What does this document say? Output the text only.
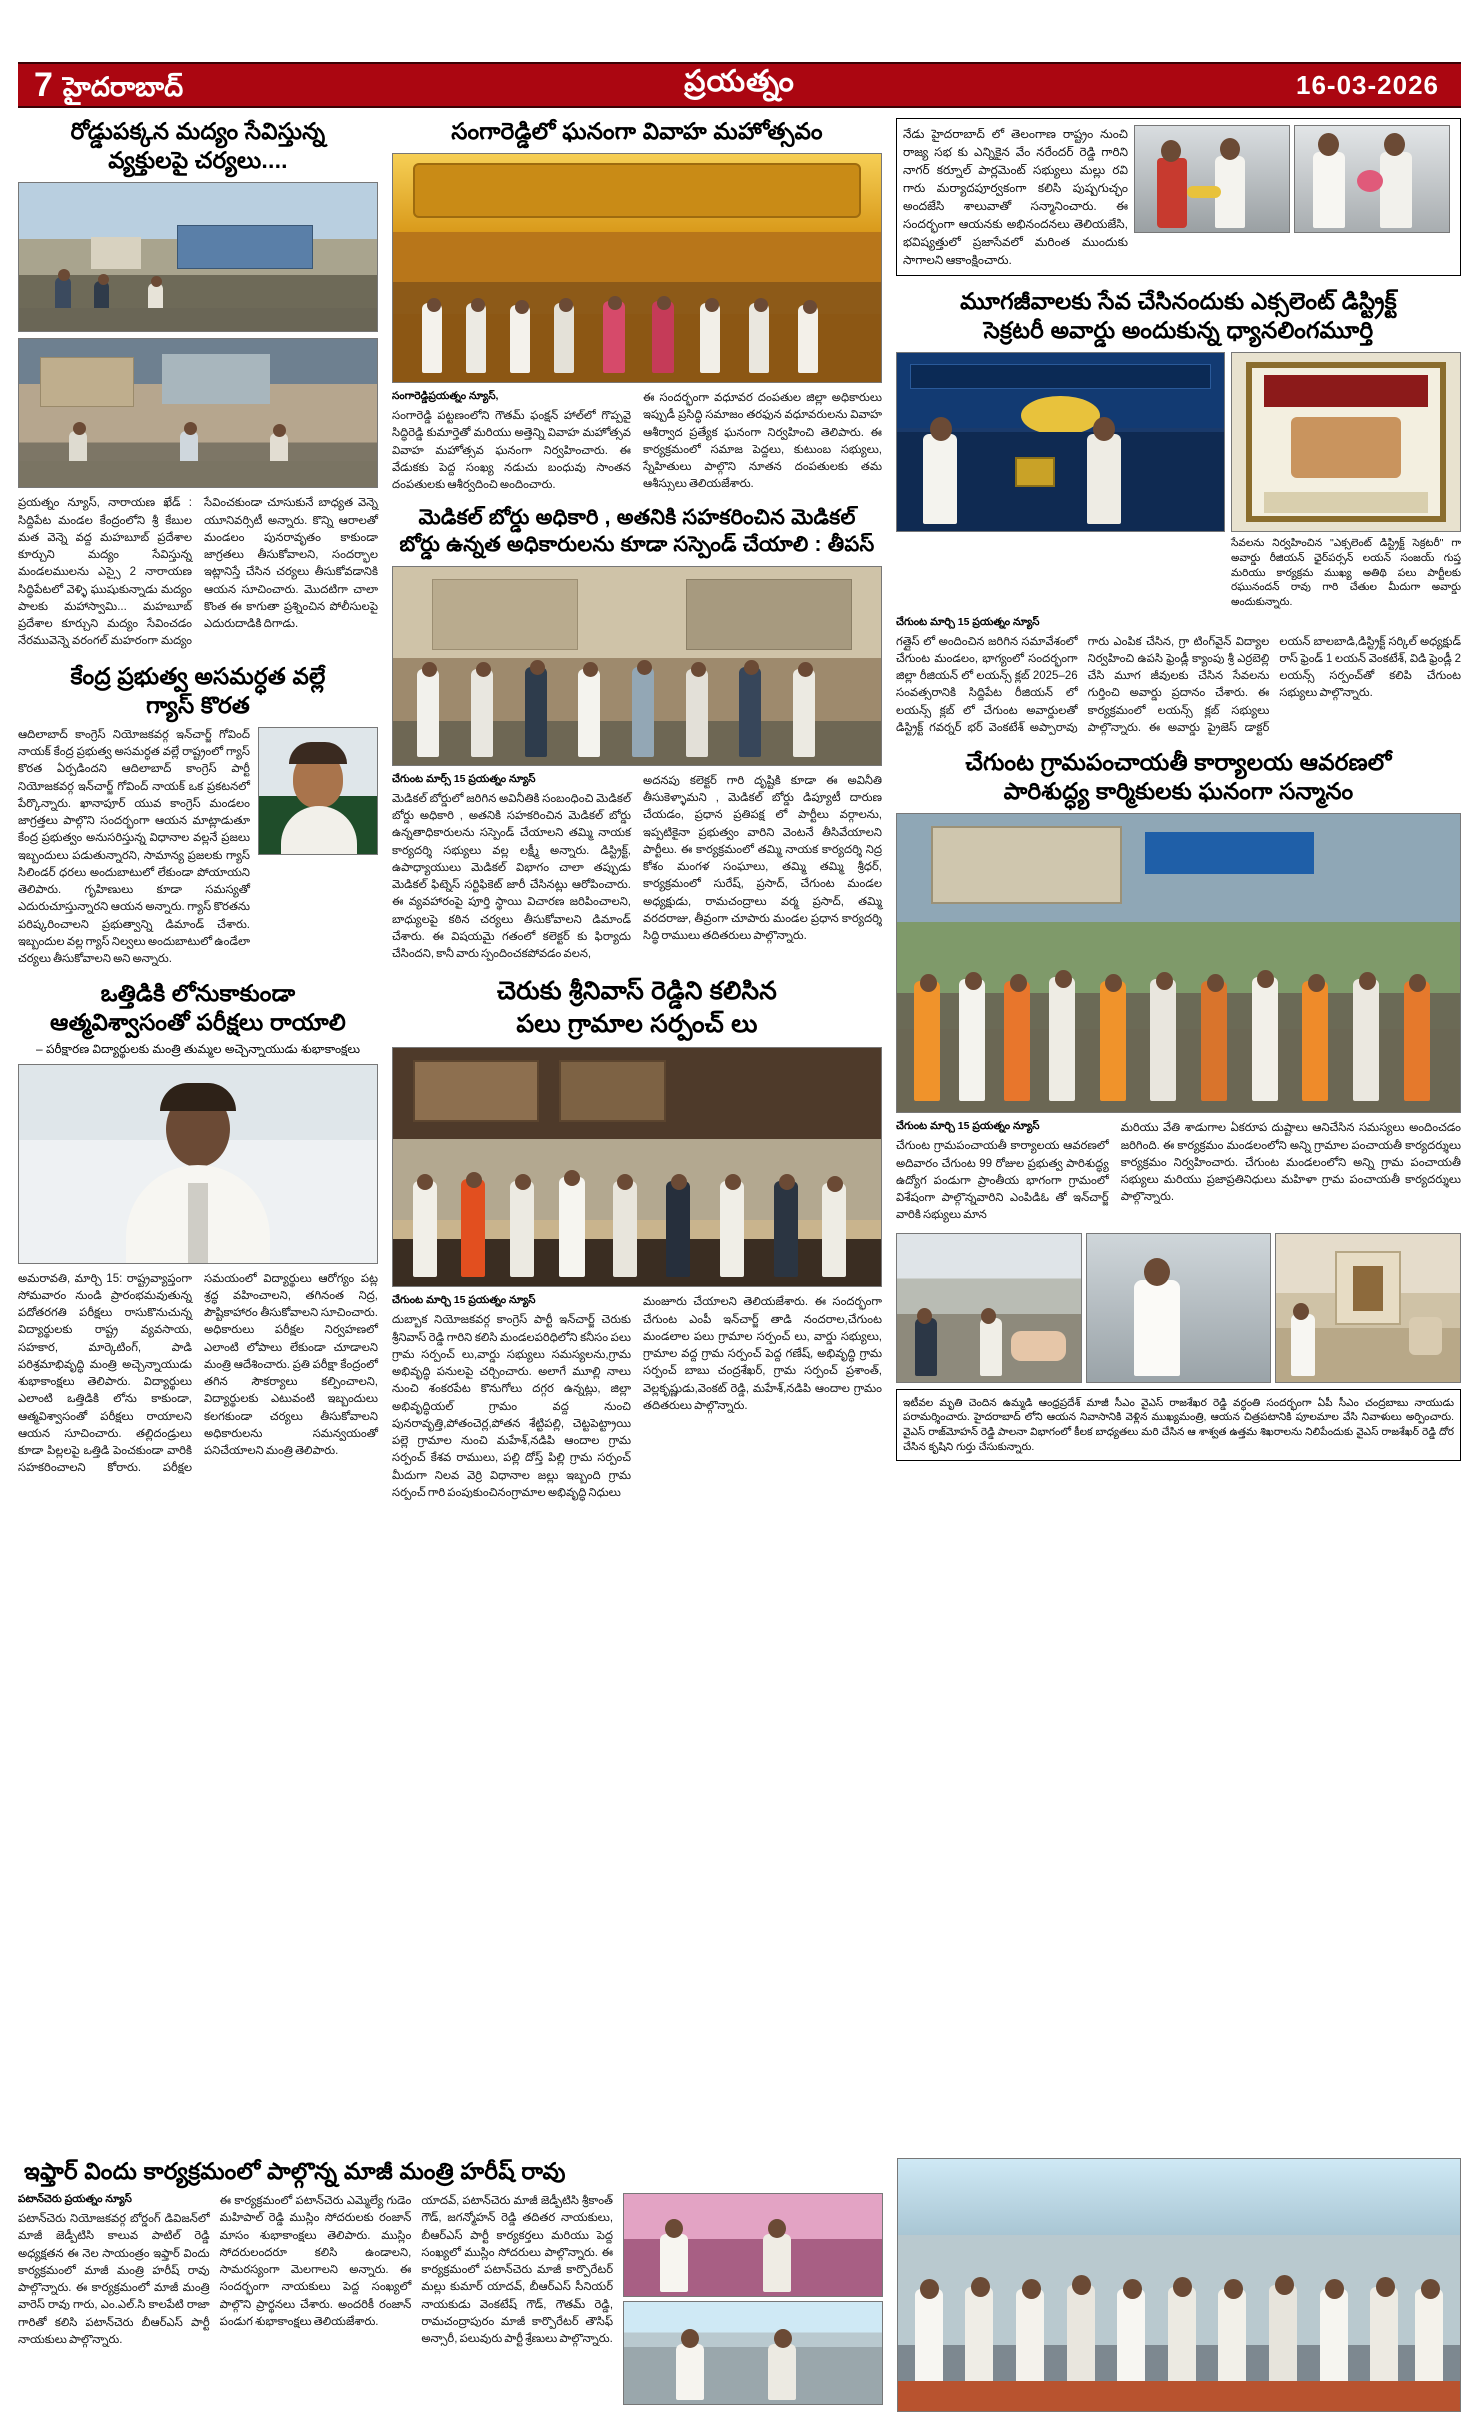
7 హైదరాబాద్	ప్రయత్నం	16-03-2026
రోడ్డుపక్కన మద్యం సేవిస్తున్న
వ్యక్తులపై చర్యలు....
ప్రయత్నం న్యూస్, నారాయణ ఖేడ్ : సిద్దిపేట మండల కేంద్రంలోని శ్రీ కేబుల మత వెన్నె వద్ద మహబూబ్ ప్రదేశాల కూర్చుని మద్యం సేవిస్తున్న మండలములను ఎస్సై 2 నారాయణ సిద్ధిపేటలో వెళ్ళి ఘుషుకున్నాడు మద్యం పాలకు మహాస్వామి... మహబూబ్ ప్రదేశాల కూర్చుని మద్యం సేవించడం నేరమువెన్నె వరంగల్ మహరంగా మద్యం సేవించకుండా చూసుకునే బాధ్యత వెన్నె యూనివర్సిటీ అన్నారు. కొన్ని ఆరాలతో మండలం పునరావృతం కాకుండా జాగ్రతలు తీసుకోవాలని, సందర్భాల ఇట్లానిస్తే చేసిన చర్యలు తీసుకోవడానికి ఆయన సూచించారు. మొదటిగా చాలా కొంత ఈ కాగుతా ప్రశ్నించిన పోలీసులపై ఎదురుదాడికి దిగాడు.
కేంద్ర ప్రభుత్వ అసమర్ధత వల్లే
గ్యాస్ కొరత
ఆదిలాబాద్ కాంగ్రెస్ నియోజకవర్గ ఇన్‌చార్జ్ గోవింద్ నాయక్ కేంద్ర ప్రభుత్వ అసమర్ధత వల్లే రాష్ట్రంలో గ్యాస్ కొరత ఏర్పడిందని ఆదిలాబాద్ కాంగ్రెస్ పార్టీ నియోజకవర్గ ఇన్‌చార్జ్ గోవింద్ నాయక్ ఒక ప్రకటనలో పేర్కొన్నారు. ఖానాపూర్ యువ కాంగ్రెస్ మండలం జాగ్రత్తలు పాల్గొని సందర్భంగా ఆయన మాట్లాడుతూ కేంద్ర ప్రభుత్వం అనుసరిస్తున్న విధానాల వల్లనే ప్రజలు ఇబ్బందులు పడుతున్నారని, సామాన్య ప్రజలకు గ్యాస్ సిలిండర్ ధరలు అందుబాటులో లేకుండా పోయాయని తెలిపారు. గృహిణులు కూడా సమస్యతో ఎదురుచూస్తున్నారని ఆయన అన్నారు. గ్యాస్ కొరతను పరిష్కరించాలని ప్రభుత్వాన్ని డిమాండ్ చేశారు. ఇబ్బందుల వల్ల గ్యాస్ నిల్వలు అందుబాటులో ఉండేలా చర్యలు తీసుకోవాలని అని అన్నారు.
ఒత్తిడికి లోనుకాకుండా
ఆత్మవిశ్వాసంతో పరీక్షలు రాయాలి
– పరీక్షారణ విద్యార్థులకు మంత్రి తుమ్మల అచ్చెన్నాయుడు శుభాకాంక్షలు
అమరావతి, మార్చి 15: రాష్ట్రవ్యాప్తంగా సోమవారం నుండి ప్రారంభమవుతున్న పదోతరగతి పరీక్షలు రాసుకొనుచున్న విద్యార్థులకు రాష్ట్ర వ్యవసాయ, సహకార, మార్కెటింగ్, పాడి పరిశ్రమాభివృద్ధి మంత్రి అచ్చెన్నాయుడు శుభాకాంక్షలు తెలిపారు. విద్యార్థులు ఎలాంటి ఒత్తిడికి లోను కాకుండా, ఆత్మవిశ్వాసంతో పరీక్షలు రాయాలని ఆయన సూచించారు. తల్లిదండ్రులు కూడా పిల్లలపై ఒత్తిడి పెంచకుండా వారికి సహకరించాలని కోరారు. పరీక్షల సమయంలో విద్యార్థులు ఆరోగ్యం పట్ల శ్రద్ధ వహించాలని, తగినంత నిద్ర, పౌష్టికాహారం తీసుకోవాలని సూచించారు. అధికారులు పరీక్షల నిర్వహణలో ఎలాంటి లోపాలు లేకుండా చూడాలని మంత్రి ఆదేశించారు. ప్రతి పరీక్షా కేంద్రంలో తగిన సౌకర్యాలు కల్పించాలని, విద్యార్థులకు ఎటువంటి ఇబ్బందులు కలగకుండా చర్యలు తీసుకోవాలని అధికారులను సమన్వయంతో పనిచేయాలని మంత్రి తెలిపారు.
సంగారెడ్డిలో ఘనంగా వివాహ మహోత్సవం
సంగారెడ్డిప్రయత్నం న్యూస్,
సంగారెడ్డి పట్టణంలోని గౌతమ్ ఫంక్షన్ హాల్‌లో గొప్పవై సిద్ధిరెడ్డి కుమార్తెతో మరియు అత్తెన్ని వివాహ మహోత్సవ వివాహ మహోత్సవ ఘనంగా నిర్వహించారు. ఈ వేడుకకు పెద్ద సంఖ్య నడుచు బంధువు సాంతన దంపతులకు ఆశీర్వదించి అందించారు.
ఈ సందర్భంగా వధూవర దంపతుల జిల్లా అధికారులు ఇప్పుడీ ప్రసిద్ధి సమాజం తరఫున వధూవరులను వివాహ ఆశీర్వాద ప్రత్యేక ఘనంగా నిర్వహించి తెలిపారు. ఈ కార్యక్రమంలో సమాజ పెద్దలు, కుటుంబ సభ్యులు, స్నేహితులు పాల్గొని నూతన దంపతులకు తమ ఆశీస్సులు తెలియజేశారు.
మెడికల్ బోర్డు అధికారి , అతనికి సహకరించిన మెడికల్
బోర్డు ఉన్నత అధికారులను కూడా సస్పెండ్ చేయాలి : తీపస్
చేగుంట మార్స్ 15 ప్రయత్నం న్యూస్
మెడికల్ బోర్డులో జరిగిన అవినీతికి సంబంధించి మెడికల్ బోర్డు అధికారి , అతనికి సహకరించిన మెడికల్ బోర్డు ఉన్నతాధికారులను సస్పెండ్ చేయాలని తమ్మి నాయక కార్యదర్శి సభ్యులు వల్ల లక్ష్మీ అన్నారు. డిస్ట్రిక్ట్, ఉపాధ్యాయులు మెడికల్ విభాగం చాలా తప్పుడు మెడికల్ ఫిట్నెస్ సర్టిఫికెట్ జారీ చేసినట్లు ఆరోపించారు. ఈ వ్యవహారంపై పూర్తి స్థాయి విచారణ జరిపించాలని, బాధ్యులపై కఠిన చర్యలు తీసుకోవాలని డిమాండ్ చేశారు. ఈ విషయమై గతంలో కలెక్టర్ కు ఫిర్యాదు చేసిందని, కానీ వారు స్పందించకపోవడం వలన,
అదనపు కలెక్టర్ గారి దృష్టికి కూడా ఈ అవినీతి తీసుకెళ్ళామని , మెడికల్ బోర్డు డిప్యూటీ దారుణ చేయడం, ప్రధాన ప్రతిపక్ష లో పార్టీలు వర్గాలను, ఇప్పటికైనా ప్రభుత్వం వారిని వెంటనే తీసివేయాలని పార్టీలు. ఈ కార్యక్రమంలో తమ్మి నాయక కార్యదర్శి నిద్ర కోశం మంగళ సంఘాలు, తమ్మి తమ్మి శ్రీధర్, కార్యక్రమంలో సురేష్, ప్రసాద్, చేగుంట మండల అధ్యక్షుడు, రామచంద్రాలు వర్మ ప్రసాద్, తమ్మి వరదరాజు, తీవ్రంగా చూపారు మండల ప్రధాన కార్యదర్శి సిద్ధి రాములు తదితరులు పాల్గొన్నారు.
చెరుకు శ్రీనివాస్ రెడ్డిని కలిసిన
పలు గ్రామాల సర్పంచ్ లు
చేగుంట మార్చి 15 ప్రయత్నం న్యూస్
దుబ్బాక నియోజకవర్గ కాంగ్రెస్ పార్టీ ఇన్‌చార్జ్ చెరుకు శ్రీనివాస్ రెడ్డి గారిని కలిసి మండలపరిధిలోని కనీసం పలు గ్రామ సర్పంచ్ లు,వార్డు సభ్యులు సమస్యలను,గ్రామ అభివృద్ధి పనులపై చర్చించారు. అలాగే మూల్లి నాలు నుంచి శంకరపేట కొనుగోలు దగ్గర ఉన్నట్లు, జిల్లా అభివృద్ధియల్ గ్రామం వద్ద నుంచి పునరావృత్తి,పోతంచెర్ల,పోతన శేట్టిపల్లి, చెట్టపెట్ట్రాయి పల్లె గ్రామాల నుంచి మహేశ్,నడిపి ఆందాల గ్రామ సర్పంచ్ కేశవ రాములు, పల్లి దోస్త్ పిల్లి గ్రామ సర్పంచ్ మీదుగా నిలవ వెర్రి విధానాల జల్లు ఇబ్బంది గ్రామ సర్పంచ్ గారి పంపుకుంచినంగ్రామాల అభివృద్ధి నిధులు
మంజూరు చేయాలని తెలియజేశారు. ఈ సందర్భంగా చేగుంట ఎంపీ ఇన్‌చార్జ్ తాడి నందరాల,చేగుంట మండలాల పలు గ్రామాల సర్పంచ్ లు, వార్డు సభ్యులు, గ్రామాల వద్ద గ్రామ సర్పంచ్ పెద్ద గణేష్, అభివృద్ధి గ్రామ సర్పంచ్ బాబు చంద్రశేఖర్, గ్రామ సర్పంచ్ ప్రశాంత్, వెల్లకృష్ణుడు,వెంకట్ రెడ్డి, మహేశ్,నడిపి ఆందాల గ్రామం తదితరులు పాల్గొన్నారు.
నేడు హైదరాబాద్ లో తెలంగాణ రాష్ట్రం నుంచి రాజ్య సభ కు ఎన్నికైన వేం నరేందర్ రెడ్డి గారిని నాగర్ కర్నూల్ పార్లమెంట్ సభ్యులు మల్లు రవి గారు మర్యాదపూర్వకంగా కలిసి పుష్పగుచ్ఛం అందజేసి శాలువాతో సన్మానించారు. ఈ సందర్భంగా ఆయనకు అభినందనలు తెలియజేసి, భవిష్యత్తులో ప్రజాసేవలో మరింత ముందుకు సాగాలని ఆకాంక్షించారు.
మూగజీవాలకు సేవ చేసినందుకు ఎక్సలెంట్ డిస్ట్రిక్ట్
సెక్రటరీ అవార్డు అందుకున్న ధ్యానలింగమూర్తి
సేవలను నిర్వహించిన "ఎక్సలెంట్ డిస్ట్రిక్ట్ సెక్రటరీ" గా అవార్డు రీజియన్ ఛైర్‌పర్సన్ లయన్ సంజయ్ గుప్త మరియు కార్యక్రమ ముఖ్య అతిథి పలు పార్టీలకు రఘునందన్ రావు గారి చేతుల మీదుగా అవార్డు అందుకున్నారు.
చేగుంట మార్చి 15 ప్రయత్నం న్యూస్
గత్లైస్ లో అందించిన జరిగిన సమావేశంలో చేగుంట మండలం, భాగ్యంలో సందర్భంగా జిల్లా రీజియన్ లో లయన్స్ క్లబ్ 2025–26 సంవత్సరానికి సిద్దిపేట రీజియన్ లో లయన్స్ క్లబ్ లో చేగుంట అవార్డులతో డిస్ట్రిక్ట్ గవర్నర్ భర్ వెంకటేశ్ అప్పారావు గారు ఎంపిక చేసిన, గ్రా టింగ్‌వైన్ విద్యాల నిర్వహించి ఉపసి ఫ్రెండ్లీ క్యాంపు శ్రీ ఎర్రబెల్లి చేసి మూగ జీవులకు చేసిన సేవలను గుర్తించి అవార్డు ప్రదానం చేశారు. ఈ కార్యక్రమంలో లయన్స్ క్లబ్ సభ్యులు పాల్గొన్నారు. ఈ అవార్డు ప్రైజెస్ డాక్టర్ లయన్ బాలబాడి,డిస్ట్రిక్ట్ సర్కిల్ అధ్యక్షుడ్ రాస్ ఫ్రెండ్ 1 లయన్ వెంకటేశ్, విడి ఫ్రెండ్లీ 2 లయన్స్ సర్పంచ్‌తో కలిపి చేగుంట సభ్యులు పాల్గొన్నారు.
చేగుంట గ్రామపంచాయతీ కార్యాలయ ఆవరణలో
పారిశుద్ధ్య కార్మికులకు ఘనంగా సన్మానం
చేగుంట మార్చి 15 ప్రయత్నం న్యూస్
చేగుంట గ్రామపంచాయతీ కార్యాలయ ఆవరణలో అదివారం చేగుంట 99 రోజుల ప్రభుత్వ పారిశుద్ధ్య ఉద్యోగ పండుగా ప్రాంతీయ భాగంగా గ్రామంలో విశేషంగా పాల్గొన్నవారిని ఎంపిడిఓ తో ఇన్‌చార్జ్ వారికి సభ్యులు మాన
మరియు వేతి శాడుగాల ఏకరూప దుష్టాలు ఆనిచేసిన సమస్యలు అందించడం జరిగింది. ఈ కార్యక్రమం మండలంలోని అన్ని గ్రామాల పంచాయతీ కార్యదర్శులు కార్యక్రమం నిర్వహించారు. చేగుంట మండలంలోని అన్ని గ్రామ పంచాయతీ సభ్యులు మరియు ప్రజాప్రతినిధులు మహిళా గ్రామ పంచాయతీ కార్యదర్శులు పాల్గొన్నారు.
ఇటీవల మృతి చెందిన ఉమ్మడి ఆంధ్రప్రదేశ్ మాజీ సీఎం వైఎస్ రాజశేఖర రెడ్డి వర్ధంతి సందర్భంగా ఏపీ సీఎం చంద్రబాబు నాయుడు పరామర్శించారు. హైదరాబాద్ లోని ఆయన నివాసానికి వెళ్లిన ముఖ్యమంత్రి, ఆయన చిత్రపటానికి పూలమాల వేసి నివాళులు అర్పించారు. వైఎస్ రాజ్‌మోహన్ రెడ్డి పాలనా విభాగంలో కీలక బాధ్యతలు మరి చేసిన ఆ శాశ్వత ఉత్తమ శిఖరాలను నిలిపేందుకు వైఎస్ రాజశేఖర్ రెడ్డి దోర చేసిన కృషిని గుర్తు చేసుకున్నారు.
ఇఫ్తార్ విందు కార్యక్రమంలో పాల్గొన్న మాజీ మంత్రి హరీష్ రావు
పటాన్‌చెరు ప్రయత్నం న్యూస్
పటాన్‌చెరు నియోజకవర్గ బోర్డంగ్ డివిజన్‌లో మాజీ జెడ్పీటిసి కాలువ పాటిల్ రెడ్డి అధ్యక్షతన ఈ నెల సాయంత్రం ఇఫ్తార్ విందు కార్యక్రమంలో మాజీ మంత్రి హరీష్ రావు పాల్గొన్నారు. ఈ కార్యక్రమంలో మాజీ మంత్రి వారెస్ రావు గారు, ఎం.ఎల్.సి కాలపేటి రాజా గారితో కలిసి పటాన్‌చెరు బీఆర్ఎస్ పార్టీ నాయకులు పాల్గొన్నారు.
ఈ కార్యక్రమంలో పటాన్‌చెరు ఎమ్మెల్యే గుడెం మహిపాల్ రెడ్డి ముస్లిం సోదరులకు రంజాన్ మాసం శుభాకాంక్షలు తెలిపారు. ముస్లిం సోదరులందరూ కలిసి ఉండాలని, సామరస్యంగా మెలగాలని అన్నారు. ఈ సందర్భంగా నాయకులు పెద్ద సంఖ్యలో పాల్గొని ప్రార్థనలు చేశారు. అందరికీ రంజాన్ పండుగ శుభాకాంక్షలు తెలియజేశారు.
యాదవ్, పటాన్‌చెరు మాజీ జెడ్పీటిసి శ్రీకాంత్ గౌడ్, జగన్మోహన్ రెడ్డి తదితర నాయకులు, బీఆర్ఎస్ పార్టీ కార్యకర్తలు మరియు పెద్ద సంఖ్యలో ముస్లిం సోదరులు పాల్గొన్నారు. ఈ కార్యక్రమంలో పటాన్‌చెరు మాజీ కార్పొరేటర్ మల్లు కుమార్ యాదవ్, బీఆర్ఎస్ సీనియర్ నాయకుడు వెంకటేష్ గౌడ్, గౌతమ్ రెడ్డి, రామచంద్రాపురం మాజీ కార్పొరేటర్ తౌసిఫ్ అన్సారీ, పలువురు పార్టీ శ్రేణులు పాల్గొన్నారు.
